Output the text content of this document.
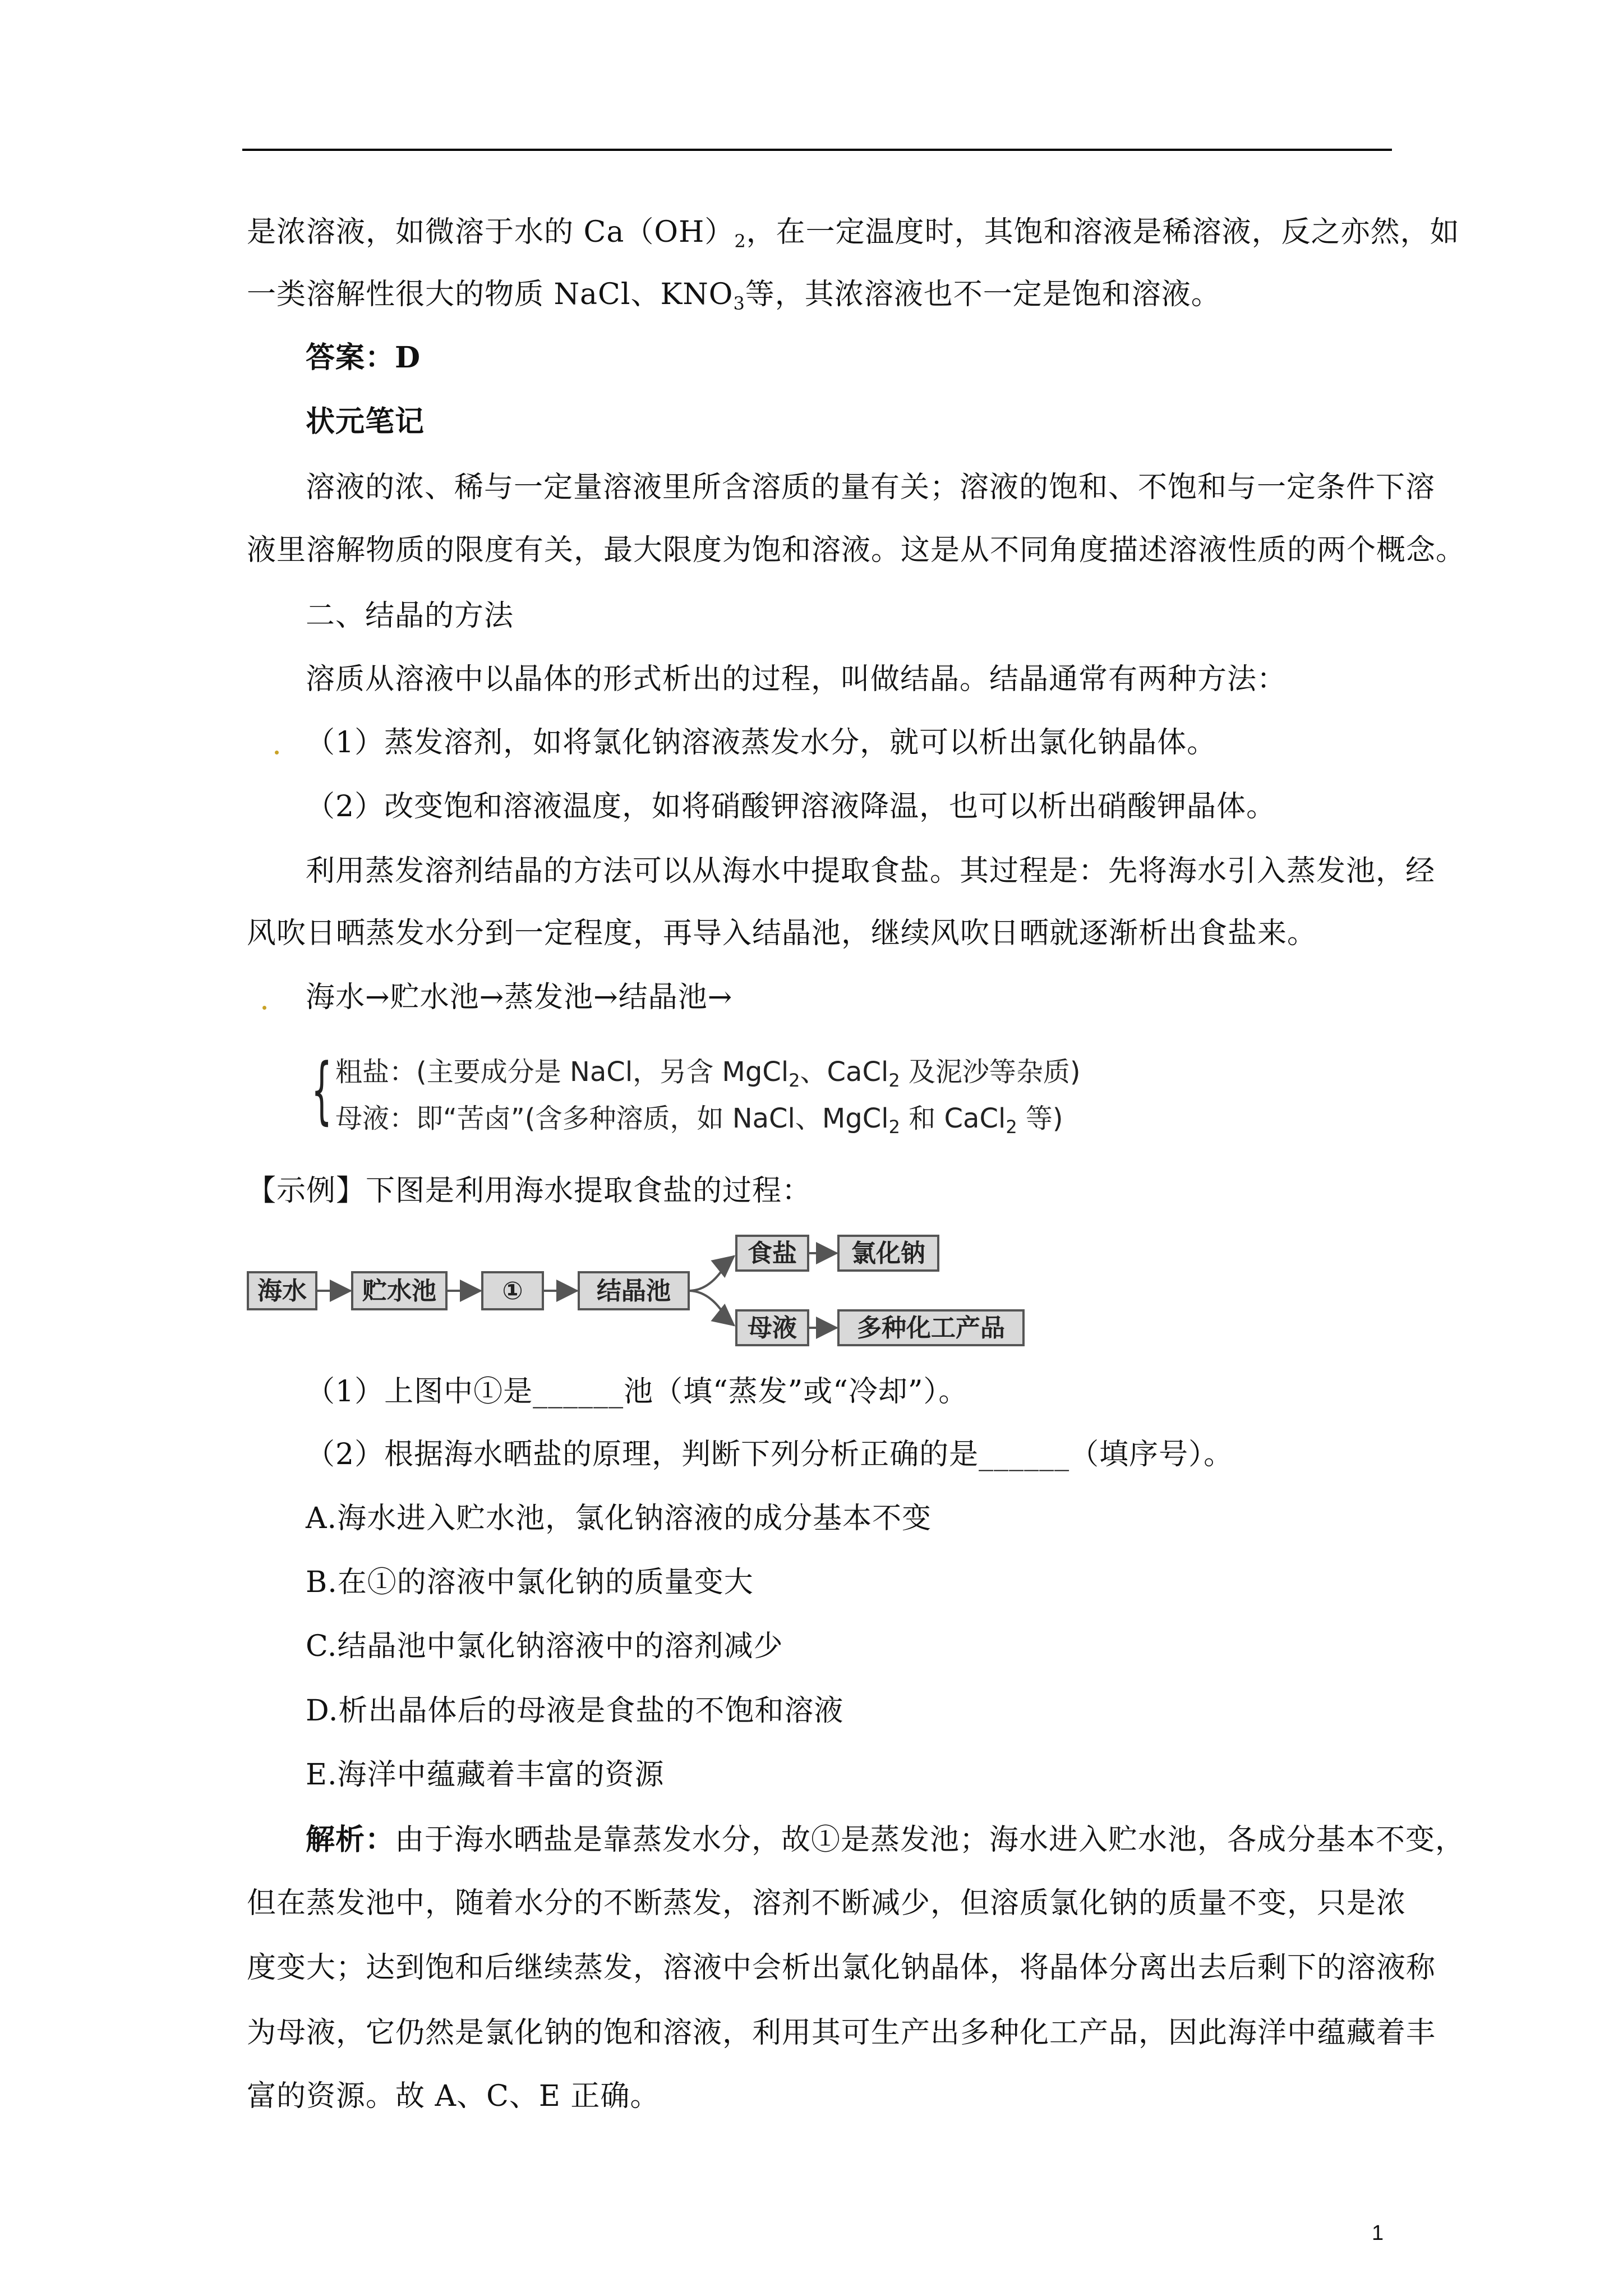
是浓溶液，如微溶于水的 $Ca(OH)_2$，在一定温度时，其饱和溶液是稀溶液，反之亦然，如
一类溶解性很大的物质 NaCl、$KNO_3$等，其浓溶液也不一定是饱和溶液。
答案：D
状元笔记
溶液的浓、稀与一定量溶液里所含溶质的量有关；溶液的饱和、不饱和与一定条件下溶
液里溶解物质的限度有关，最大限度为饱和溶液。这是从不同角度描述溶液性质的两个概念。
二、结晶的方法
溶质从溶液中以晶体的形式析出的过程，叫做结晶。结晶通常有两种方法：
（1）蒸发溶剂，如将氯化钠溶液蒸发水分，就可以析出氯化钠晶体。
（2）改变饱和溶液温度，如将硝酸钾溶液降温，也可以析出硝酸钾晶体。
利用蒸发溶剂结晶的方法可以从海水中提取食盐。其过程是：先将海水引入蒸发池，经
风吹日晒蒸发水分到一定程度，再导入结晶池，继续风吹日晒就逐渐析出食盐来。
海水→贮水池→蒸发池→结晶池→
{ 粗盐：(主要成分是 NaCl，另含 MgCl$_2$、CaCl$_2$ 及泥沙等杂质)
母液：即“苦卤”(含多种溶质，如 NaCl、MgCl$_2$ 和 CaCl$_2$ 等)
【示例】下图是利用海水提取食盐的过程：
海水 贮水池	①	结晶池
食盐 氯化钠
母液 多种化工产品
（1）上图中①是______池（填“蒸发”或“冷却”）。
（2）根据海水晒盐的原理，判断下列分析正确的是______（填序号）。
A.海水进入贮水池，氯化钠溶液的成分基本不变
B.在①的溶液中氯化钠的质量变大
C.结晶池中氯化钠溶液中的溶剂减少
D.析出晶体后的母液是食盐的不饱和溶液
E.海洋中蕴藏着丰富的资源
解析：由于海水晒盐是靠蒸发水分，故①是蒸发池；海水进入贮水池，各成分基本不变，
但在蒸发池中，随着水分的不断蒸发，溶剂不断减少，但溶质氯化钠的质量不变，只是浓
度变大；达到饱和后继续蒸发，溶液中会析出氯化钠晶体，将晶体分离出去后剩下的溶液称
为母液，它仍然是氯化钠的饱和溶液，利用其可生产出多种化工产品，因此海洋中蕴藏着丰
富的资源。故 A、C、E 正确。
1
